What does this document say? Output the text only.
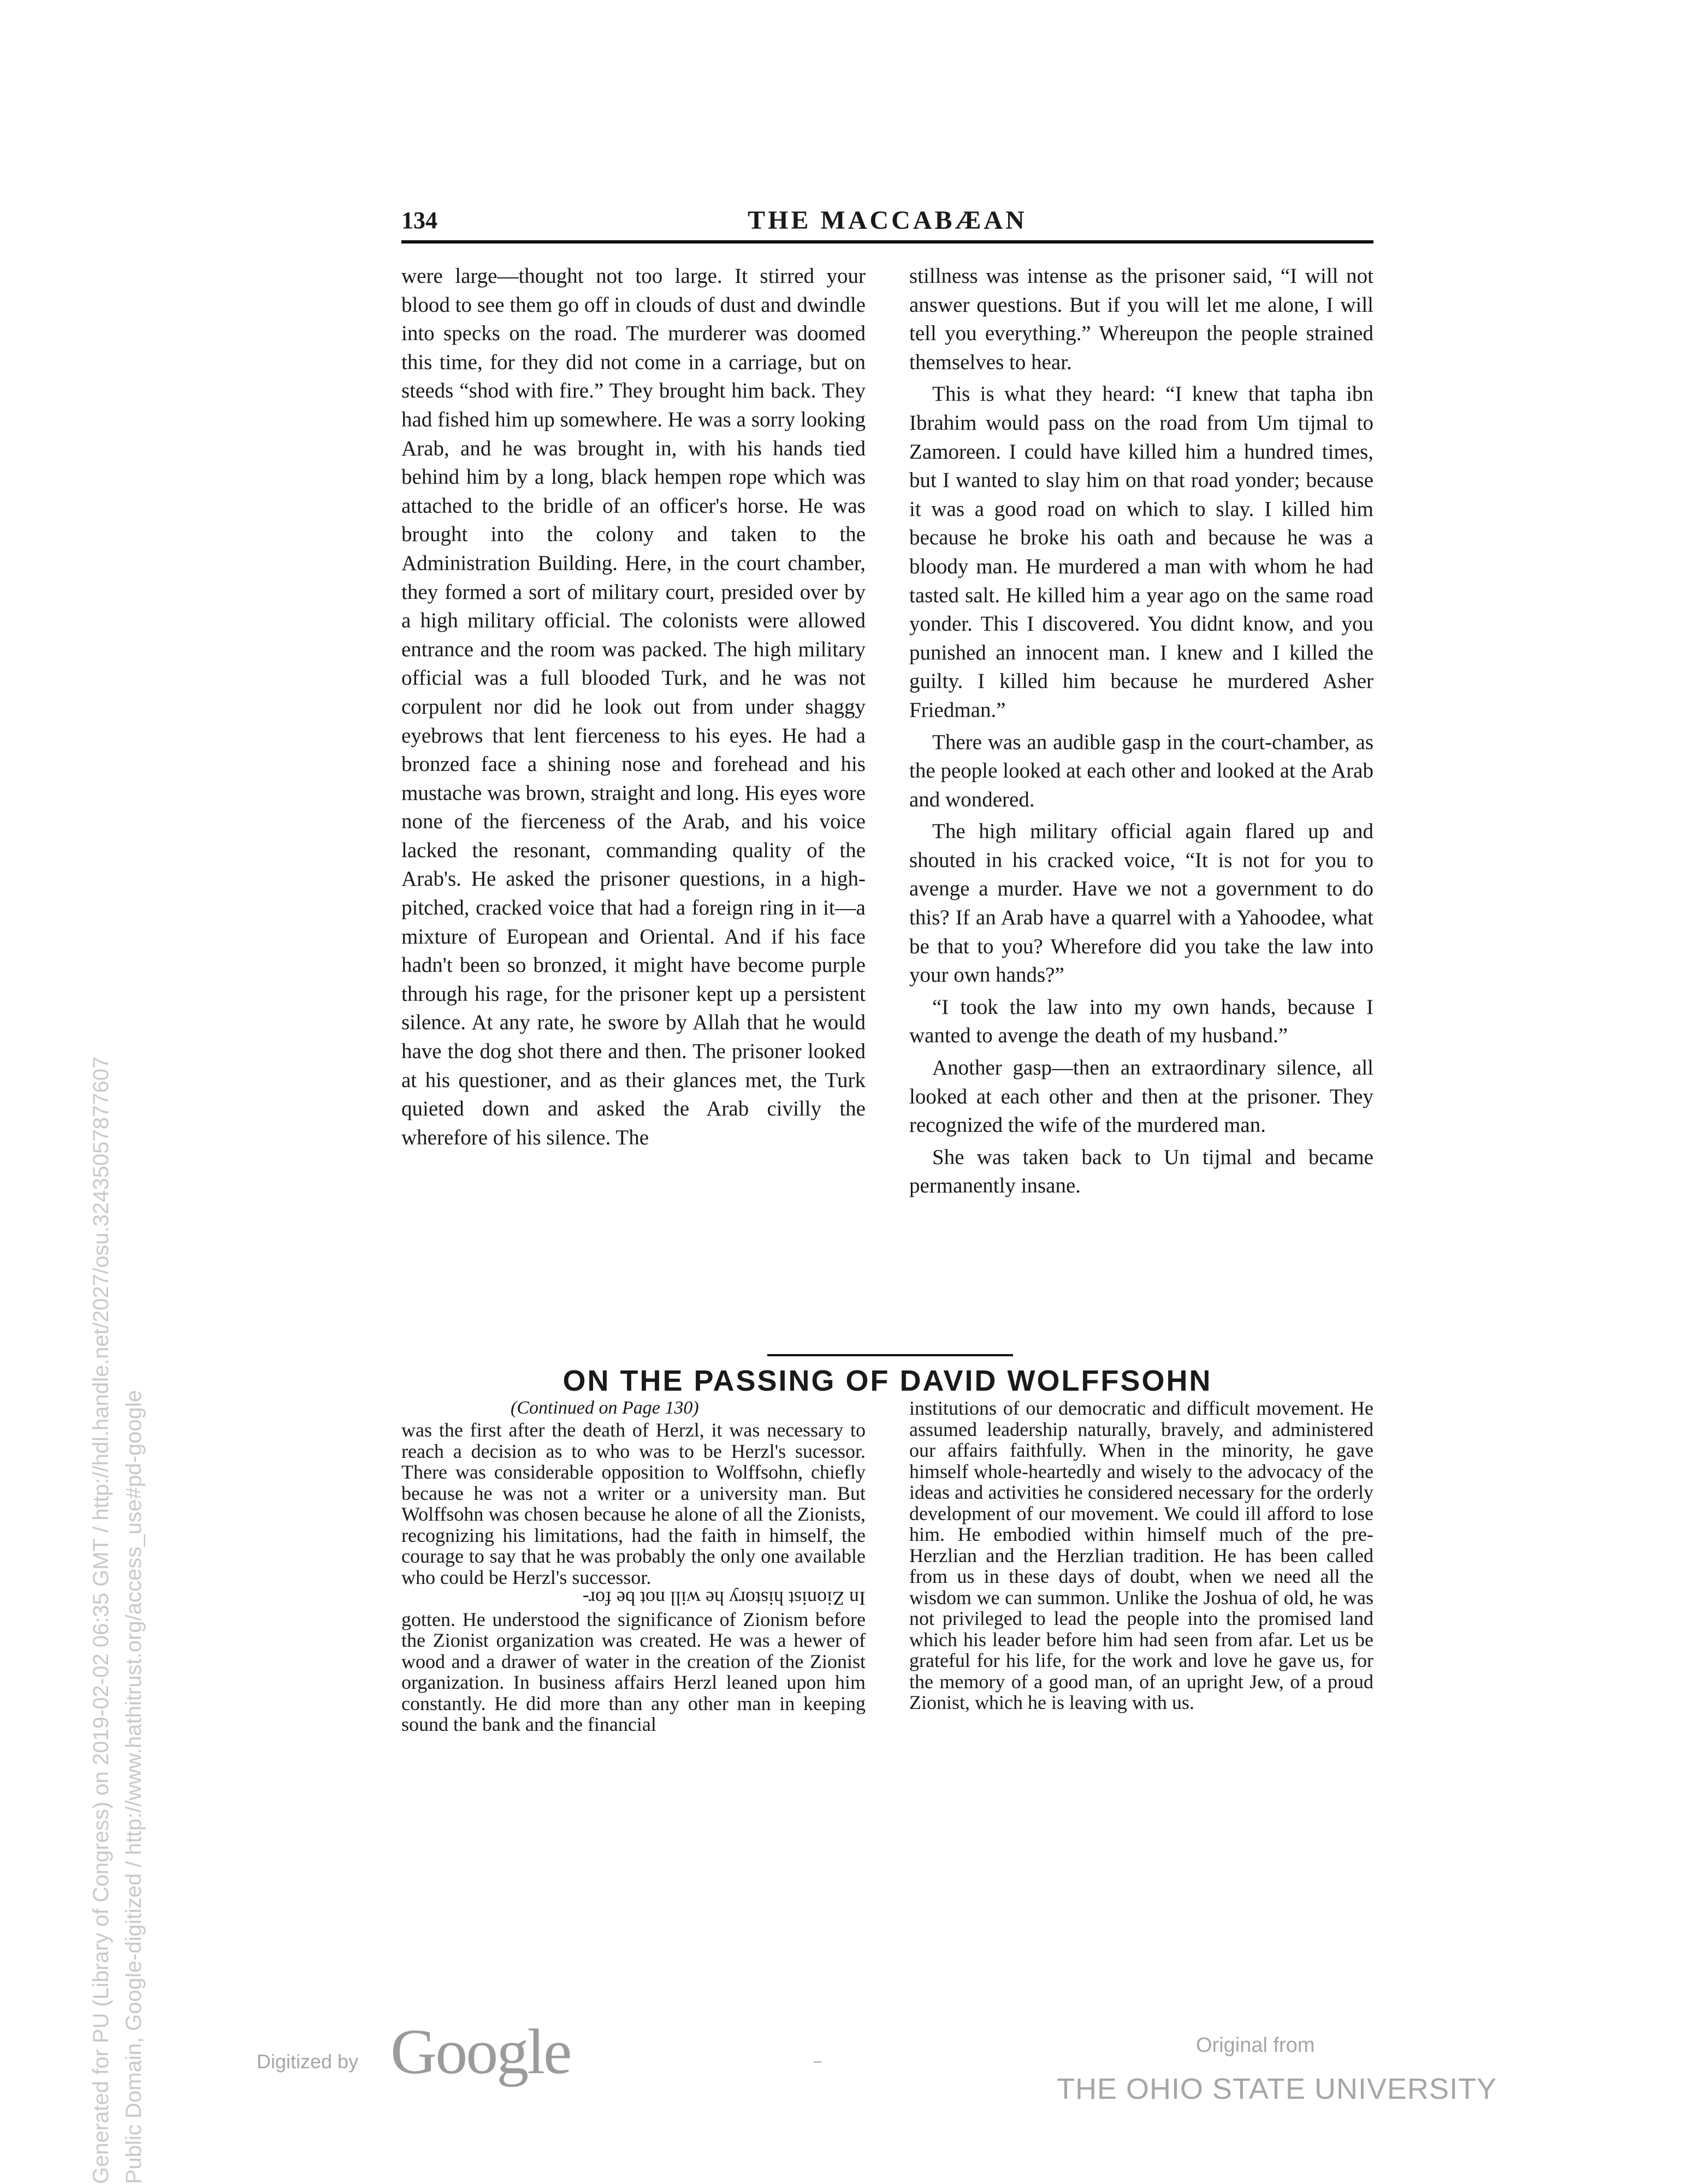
134	THE MACCABÆAN

were large—thought not too large. It stirred your blood to see them go off in clouds of dust and dwindle into specks on the road. The murderer was doomed this time, for they did not come in a carriage, but on steeds “shod with fire.” They brought him back. They had fished him up somewhere. He was a sorry looking Arab, and he was brought in, with his hands tied behind him by a long, black hempen rope which was attached to the bridle of an officer's horse. He was brought into the colony and taken to the Administration Building. Here, in the court chamber, they formed a sort of military court, presided over by a high military official. The colonists were allowed entrance and the room was packed. The high military official was a full blooded Turk, and he was not corpulent nor did he look out from under shaggy eyebrows that lent fierceness to his eyes. He had a bronzed face a shining nose and forehead and his mustache was brown, straight and long. His eyes wore none of the fierceness of the Arab, and his voice lacked the resonant, commanding quality of the Arab's. He asked the prisoner questions, in a high-pitched, cracked voice that had a foreign ring in it—a mixture of European and Oriental. And if his face hadn't been so bronzed, it might have become purple through his rage, for the prisoner kept up a persistent silence. At any rate, he swore by Allah that he would have the dog shot there and then. The prisoner looked at his questioner, and as their glances met, the Turk quieted down and asked the Arab civilly the wherefore of his silence. The

stillness was intense as the prisoner said, “I will not answer questions. But if you will let me alone, I will tell you everything.” Whereupon the people strained themselves to hear.

This is what they heard: “I knew that tapha ibn Ibrahim would pass on the road from Um tijmal to Zamoreen. I could have killed him a hundred times, but I wanted to slay him on that road yonder; because it was a good road on which to slay. I killed him because he broke his oath and because he was a bloody man. He murdered a man with whom he had tasted salt. He killed him a year ago on the same road yonder. This I discovered. You didnt know, and you punished an innocent man. I knew and I killed the guilty. I killed him because he murdered Asher Friedman.”

There was an audible gasp in the court-chamber, as the people looked at each other and looked at the Arab and wondered.

The high military official again flared up and shouted in his cracked voice, “It is not for you to avenge a murder. Have we not a government to do this? If an Arab have a quarrel with a Yahoodee, what be that to you? Wherefore did you take the law into your own hands?”

“I took the law into my own hands, because I wanted to avenge the death of my husband.”

Another gasp—then an extraordinary silence, all looked at each other and then at the prisoner. They recognized the wife of the murdered man.

She was taken back to Un tijmal and became permanently insane.

ON THE PASSING OF DAVID WOLFFSOHN
(Continued on Page 130)

was the first after the death of Herzl, it was necessary to reach a decision as to who was to be Herzl's sucessor. There was considerable opposition to Wolffsohn, chiefly because he was not a writer or a university man. But Wolffsohn was chosen because he alone of all the Zionists, recognizing his limitations, had the faith in himself, the courage to say that he was probably the only one available who could be Herzl's successor.

In Zionist history he will not be for-
gotten. He understood the significance of Zionism before the Zionist organization was created. He was a hewer of wood and a drawer of water in the creation of the Zionist organization. In business affairs Herzl leaned upon him constantly. He did more than any other man in keeping sound the bank and the financial

institutions of our democratic and difficult movement. He assumed leadership naturally, bravely, and administered our affairs faithfully. When in the minority, he gave himself whole-heartedly and wisely to the advocacy of the ideas and activities he considered necessary for the orderly development of our movement. We could ill afford to lose him. He embodied within himself much of the pre-Herzlian and the Herzlian tradition. He has been called from us in these days of doubt, when we need all the wisdom we can summon. Unlike the Joshua of old, he was not privileged to lead the people into the promised land which his leader before him had seen from afar. Let us be grateful for his life, for the work and love he gave us, for the memory of a good man, of an upright Jew, of a proud Zionist, which he is leaving with us.

Digitized by Google	Original from
THE OHIO STATE UNIVERSITY
Generated for PU (Library of Congress) on 2019-02-02 06:35 GMT / http://hdl.handle.net/2027/osu.32435057877607 Public Domain, Google-digitized / http://www.hathitrust.org/access_use#pd-google
